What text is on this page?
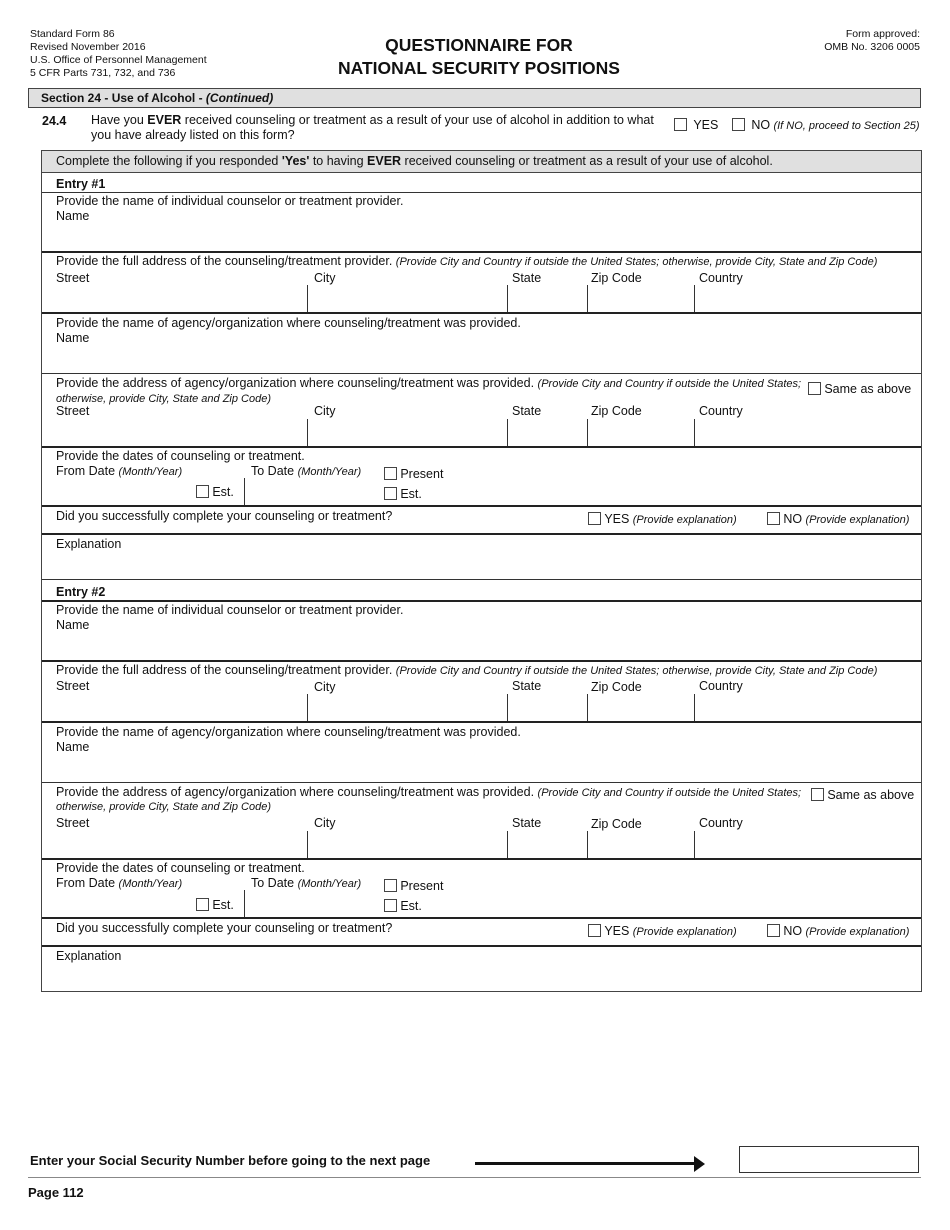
Standard Form 86
Revised November 2016
U.S. Office of Personnel Management
5 CFR Parts 731, 732, and 736
QUESTIONNAIRE FOR
NATIONAL SECURITY POSITIONS
Form approved:
OMB No. 3206 0005
Section 24 - Use of Alcohol - (Continued)
24.4 Have you EVER received counseling or treatment as a result of your use of alcohol in addition to what you have already listed on this form?
YES	NO (If NO, proceed to Section 25)
Complete the following if you responded 'Yes' to having EVER received counseling or treatment as a result of your use of alcohol.
Entry #1
Provide the name of individual counselor or treatment provider.
Name
Provide the full address of the counseling/treatment provider. (Provide City and Country if outside the United States; otherwise, provide City, State and Zip Code)
Street	City	State	Zip Code	Country
Provide the name of agency/organization where counseling/treatment was provided.
Name
Provide the address of agency/organization where counseling/treatment was provided. (Provide City and Country if outside the United States;
otherwise, provide City, State and Zip Code)
Same as above
Street	City	State	Zip Code	Country
Provide the dates of counseling or treatment.
From Date (Month/Year)	To Date (Month/Year)
Est.
Present
Est.
Did you successfully complete your counseling or treatment?	YES (Provide explanation)	NO (Provide explanation)
Explanation
Entry #2
Provide the name of individual counselor or treatment provider.
Name
Provide the full address of the counseling/treatment provider. (Provide City and Country if outside the United States; otherwise, provide City, State and Zip Code)
Street	City	State	Zip Code	Country
Provide the name of agency/organization where counseling/treatment was provided.
Name
Provide the address of agency/organization where counseling/treatment was provided. (Provide City and Country if outside the United States;
otherwise, provide City, State and Zip Code)
Same as above
Street	City	State	Zip Code	Country
Provide the dates of counseling or treatment.
From Date (Month/Year)	To Date (Month/Year)
Est.
Present
Est.
Did you successfully complete your counseling or treatment?	YES (Provide explanation)	NO (Provide explanation)
Explanation
Enter your Social Security Number before going to the next page
Page 112
